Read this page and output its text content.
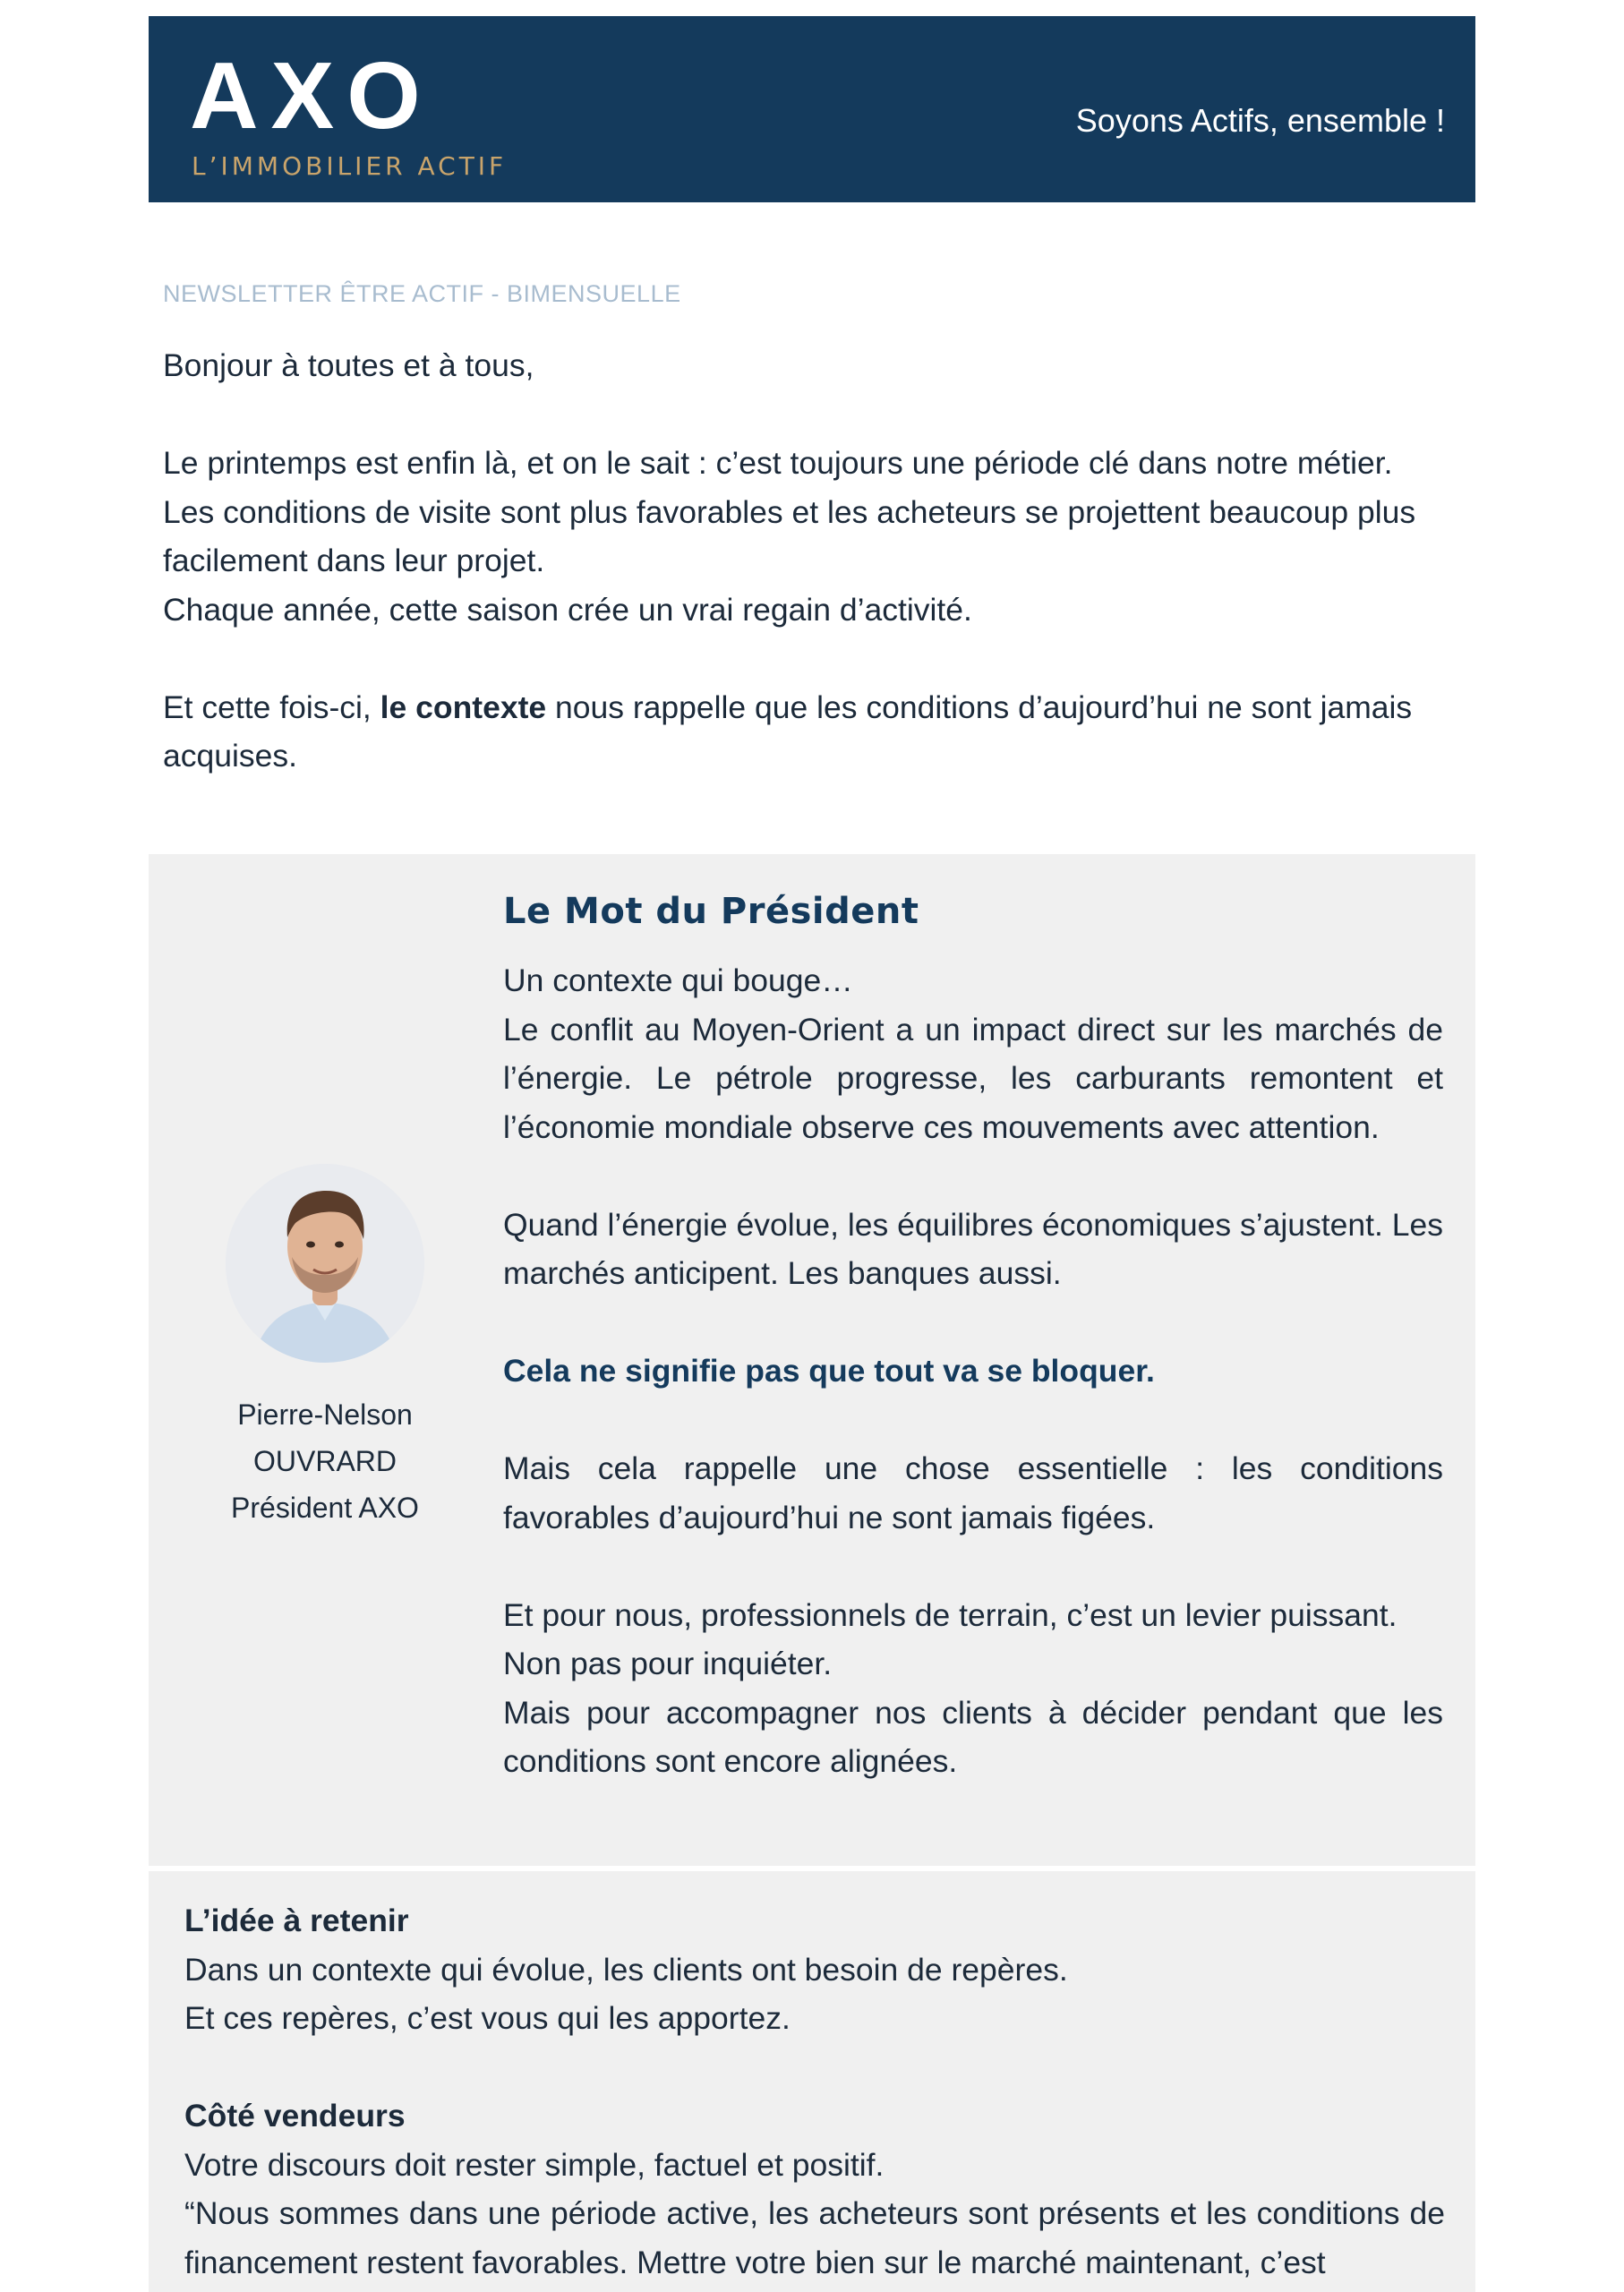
AXO
L’IMMOBILIER ACTIF
Soyons Actifs, ensemble !

NEWSLETTER ÊTRE ACTIF - BIMENSUELLE

Bonjour à toutes et à tous,

Le printemps est enfin là, et on le sait : c’est toujours une période clé dans notre métier.

Les conditions de visite sont plus favorables et les acheteurs se projettent beaucoup plus facilement dans leur projet.

Chaque année, cette saison crée un vrai regain d’activité.

Et cette fois-ci, le contexte nous rappelle que les conditions d’aujourd’hui ne sont jamais acquises.

Pierre-Nelson
OUVRARD
Président AXO
Le Mot du Président

Un contexte qui bouge…

Le conflit au Moyen-Orient a un impact direct sur les marchés de l’énergie. Le pétrole progresse, les carburants remontent et l’économie mondiale observe ces mouvements avec attention.

Quand l’énergie évolue, les équilibres économiques s’ajustent. Les marchés anticipent. Les banques aussi.

Cela ne signifie pas que tout va se bloquer.

Mais cela rappelle une chose essentielle : les conditions favorables d’aujourd’hui ne sont jamais figées.

Et pour nous, professionnels de terrain, c’est un levier puissant.

Non pas pour inquiéter.

Mais pour accompagner nos clients à décider pendant que les conditions sont encore alignées.

L’idée à retenir

Dans un contexte qui évolue, les clients ont besoin de repères.

Et ces repères, c’est vous qui les apportez.

Côté vendeurs

Votre discours doit rester simple, factuel et positif.

“Nous sommes dans une période active, les acheteurs sont présents et les conditions de financement restent favorables. Mettre votre bien sur le marché maintenant, c’est
